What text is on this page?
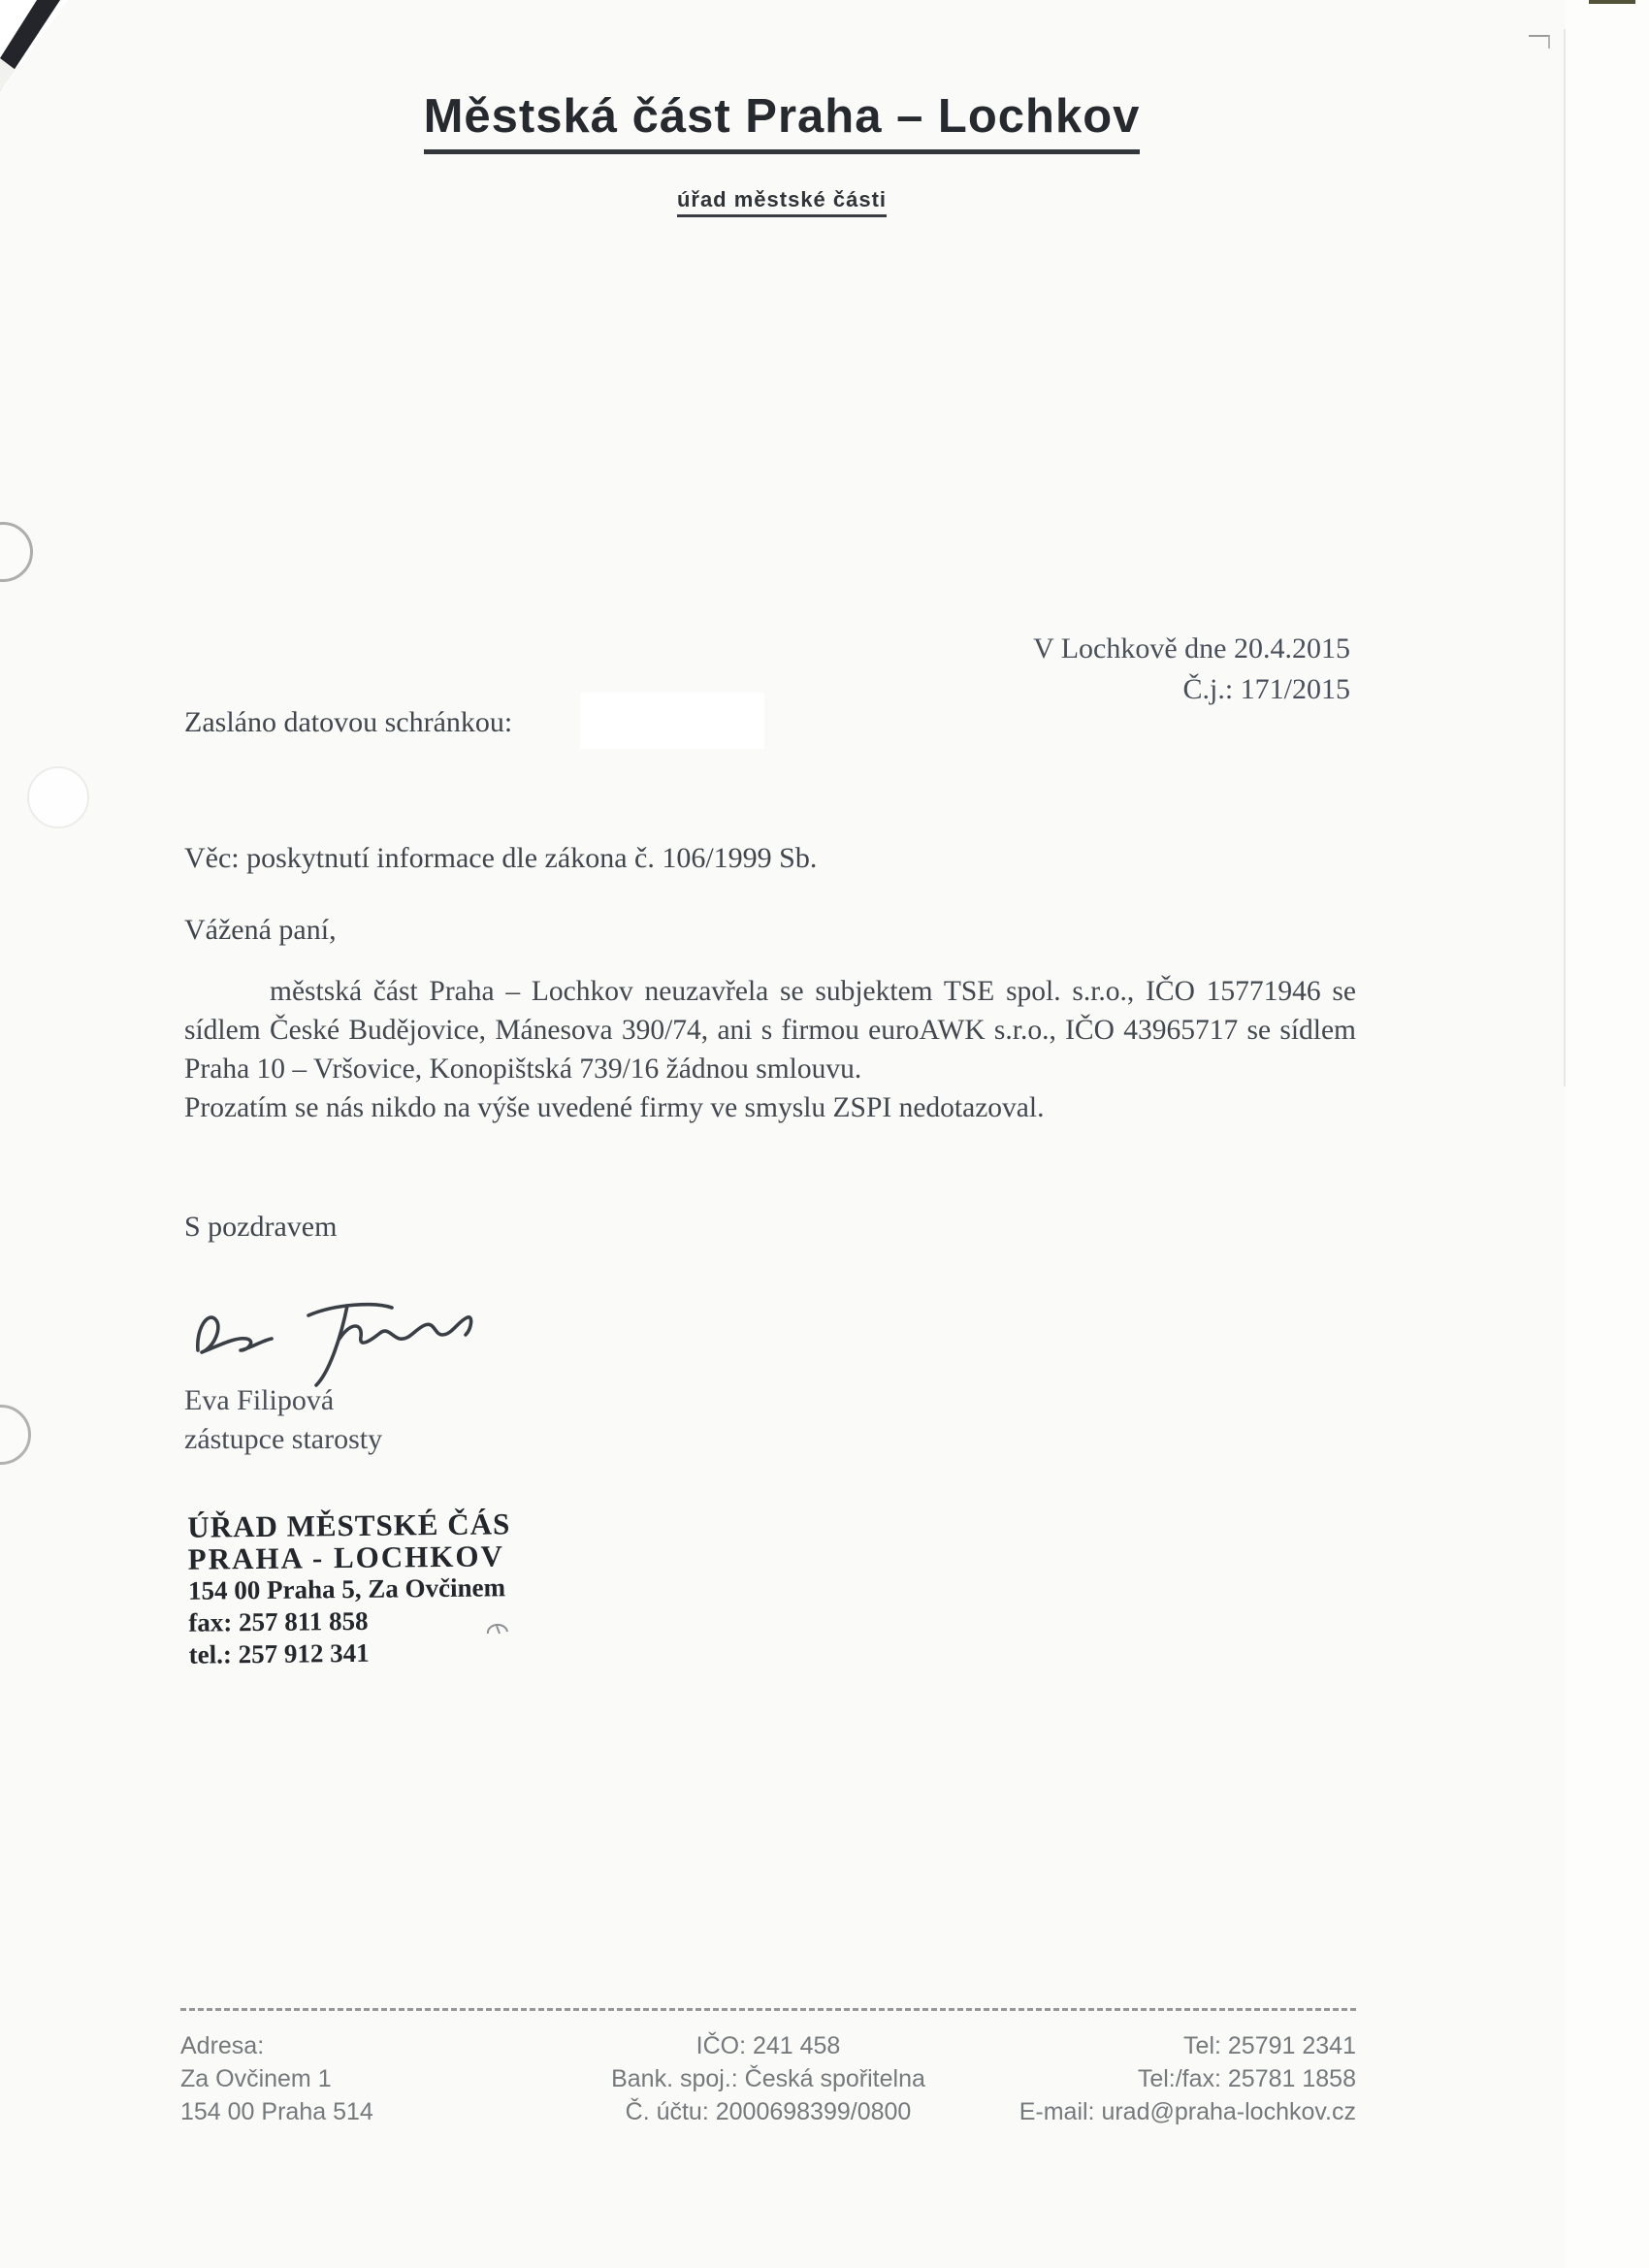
Městská část Praha – Lochkov
úřad městské části
V Lochkově dne 20.4.2015
Č.j.: 171/2015
Zasláno datovou schránkou:
Věc: poskytnutí informace dle zákona č. 106/1999 Sb.
Vážená paní,

městská část Praha – Lochkov neuzavřela se subjektem TSE spol. s.r.o., IČO 15771946 se sídlem České Budějovice, Mánesova 390/74, ani s firmou euroAWK s.r.o., IČO 43965717 se sídlem Praha 10 – Vršovice, Konopištská 739/16 žádnou smlouvu.

Prozatím se nás nikdo na výše uvedené firmy ve smyslu ZSPI nedotazoval.

S pozdravem
Eva Filipová
zástupce starosty
ÚŘAD MĚSTSKÉ ČÁS
PRAHA - LOCHKOV
154 00 Praha 5, Za Ovčinem
fax: 257 811 858
tel.: 257 912 341
Adresa:
Za Ovčinem 1
154 00 Praha 514
IČO: 241 458
Bank. spoj.: Česká spořitelna
Č. účtu: 2000698399/0800
Tel: 25791 2341
Tel:/fax: 25781 1858
E-mail: urad@praha-lochkov.cz
